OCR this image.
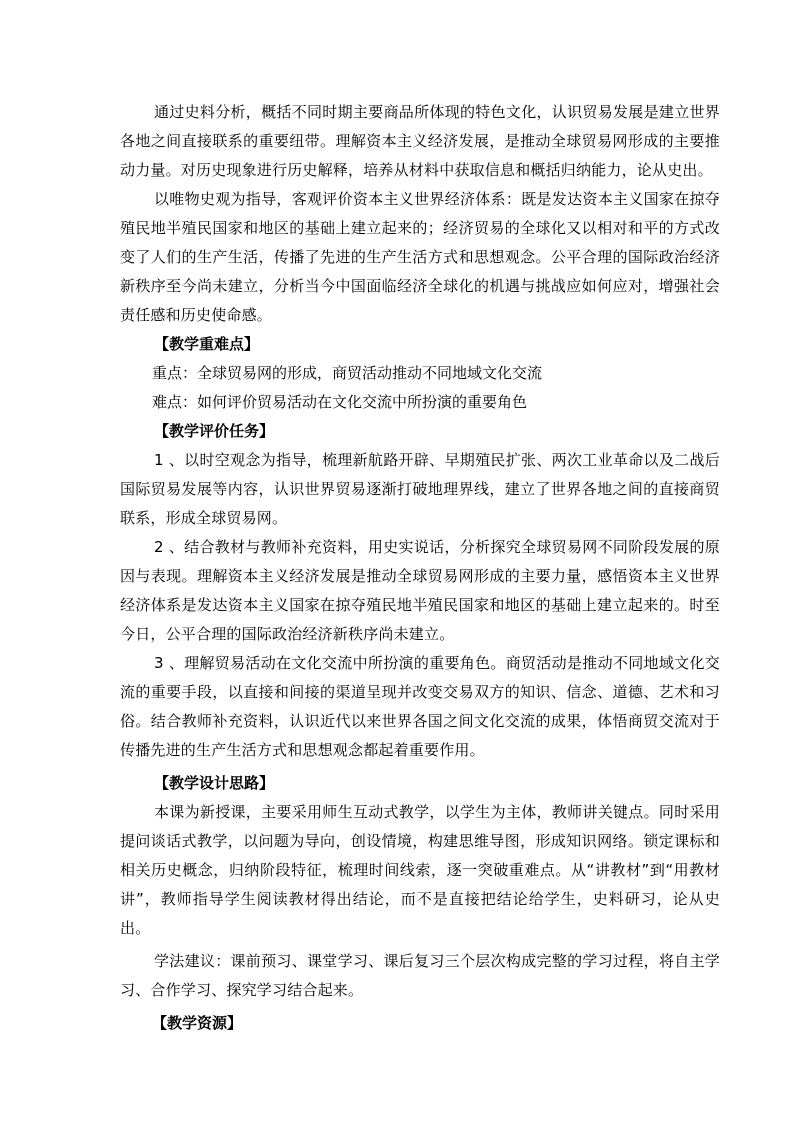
通过史料分析，概括不同时期主要商品所体现的特色文化，认识贸易发展是建立世界各地之间直接联系的重要纽带。理解资本主义经济发展，是推动全球贸易网形成的主要推动力量。对历史现象进行历史解释，培养从材料中获取信息和概括归纳能力，论从史出。

以唯物史观为指导，客观评价资本主义世界经济体系：既是发达资本主义国家在掠夺殖民地半殖民国家和地区的基础上建立起来的；经济贸易的全球化又以相对和平的方式改变了人们的生产生活，传播了先进的生产生活方式和思想观念。公平合理的国际政治经济新秩序至今尚未建立，分析当今中国面临经济全球化的机遇与挑战应如何应对，增强社会责任感和历史使命感。

【教学重难点】

重点：全球贸易网的形成，商贸活动推动不同地域文化交流

难点：如何评价贸易活动在文化交流中所扮演的重要角色

【教学评价任务】

1 、以时空观念为指导，梳理新航路开辟、早期殖民扩张、两次工业革命以及二战后国际贸易发展等内容，认识世界贸易逐渐打破地理界线，建立了世界各地之间的直接商贸联系，形成全球贸易网。

2 、结合教材与教师补充资料，用史实说话，分析探究全球贸易网不同阶段发展的原因与表现。理解资本主义经济发展是推动全球贸易网形成的主要力量，感悟资本主义世界经济体系是发达资本主义国家在掠夺殖民地半殖民国家和地区的基础上建立起来的。时至今日，公平合理的国际政治经济新秩序尚未建立。

3 、理解贸易活动在文化交流中所扮演的重要角色。商贸活动是推动不同地域文化交流的重要手段，以直接和间接的渠道呈现并改变交易双方的知识、信念、道德、艺术和习俗。结合教师补充资料，认识近代以来世界各国之间文化交流的成果，体悟商贸交流对于传播先进的生产生活方式和思想观念都起着重要作用。

【教学设计思路】

本课为新授课，主要采用师生互动式教学，以学生为主体，教师讲关键点。同时采用提问谈话式教学，以问题为导向，创设情境，构建思维导图，形成知识网络。锁定课标和相关历史概念，归纳阶段特征，梳理时间线索，逐一突破重难点。从“讲教材”到“用教材讲”，教师指导学生阅读教材得出结论，而不是直接把结论给学生，史料研习，论从史出。

学法建议：课前预习、课堂学习、课后复习三个层次构成完整的学习过程，将自主学习、合作学习、探究学习结合起来。

【教学资源】
